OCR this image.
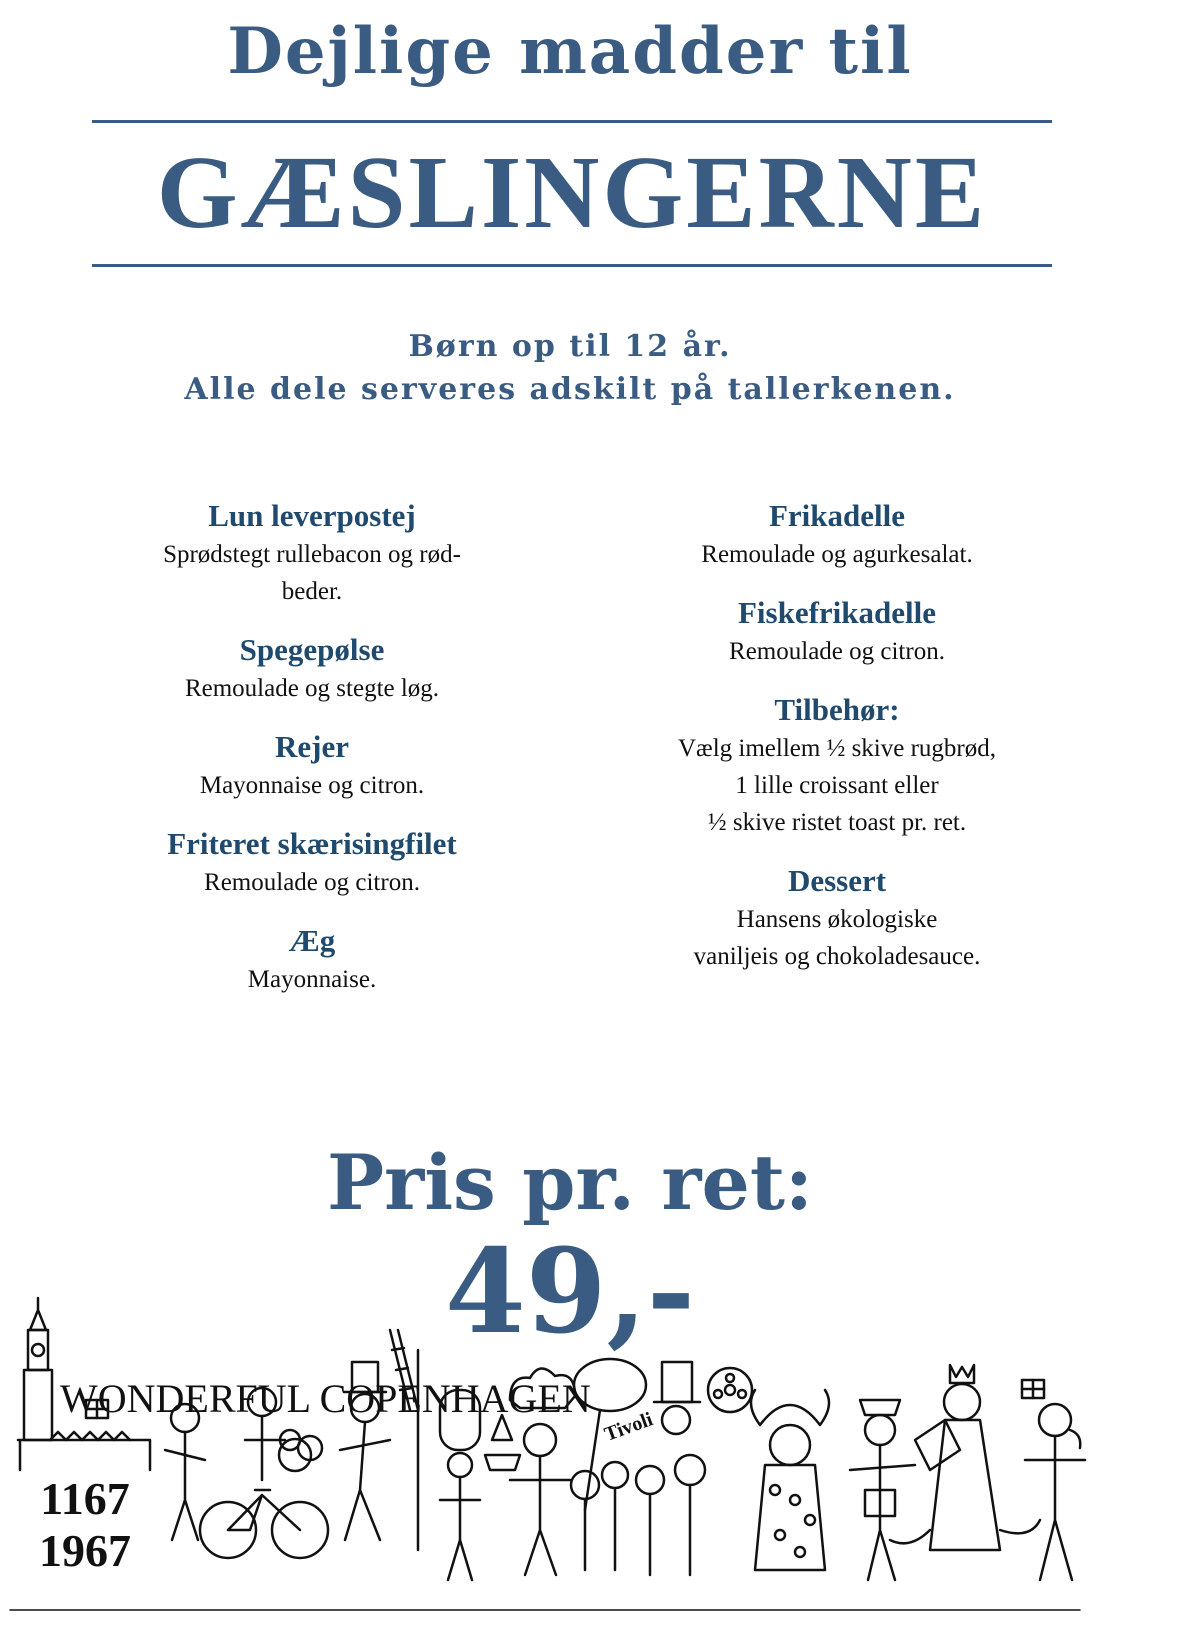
Dejlige madder til
GÆSLINGERNE
Børn op til 12 år.
Alle dele serveres adskilt på tallerkenen.
Lun leverpostej
Sprødstegt rullebacon og rød-
beder.
Spegepølse
Remoulade og stegte løg.
Rejer
Mayonnaise og citron.
Friteret skærisingfilet
Remoulade og citron.
Æg
Mayonnaise.
Frikadelle
Remoulade og agurkesalat.
Fiskefrikadelle
Remoulade og citron.
Tilbehør:
Vælg imellem ½ skive rugbrød,
1 lille croissant eller
½ skive ristet toast pr. ret.
Dessert
Hansens økologiske
vaniljeis og chokoladesauce.
Pris pr. ret:
49,-
WONDERFUL COPENHAGEN
Tivoli
1167
1967
